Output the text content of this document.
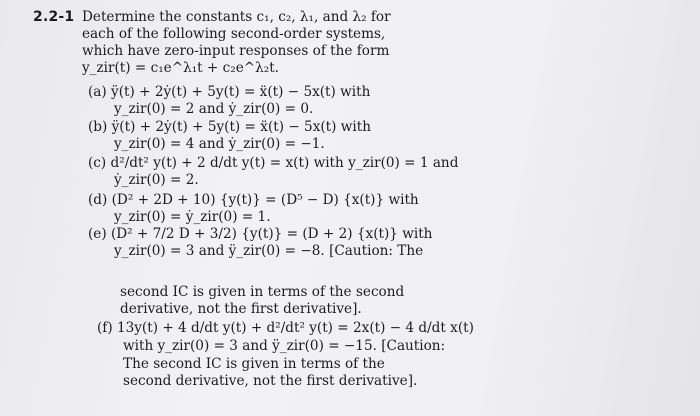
2.2-1 Determine the constants c₁, c₂, λ₁, and λ₂ for
each of the following second-order systems,
which have zero-input responses of the form
y_zir(t) = c₁e^λ₁t + c₂e^λ₂t.
(a) ÿ(t) + 2ẏ(t) + 5y(t) = ẍ(t) − 5x(t) with
y_zir(0) = 2 and ẏ_zir(0) = 0.
(b) ÿ(t) + 2ẏ(t) + 5y(t) = ẍ(t) − 5x(t) with
y_zir(0) = 4 and ẏ_zir(0) = −1.
(c) d²/dt² y(t) + 2 d/dt y(t) = x(t) with y_zir(0) = 1 and
ẏ_zir(0) = 2.
(d) (D² + 2D + 10) {y(t)} = (D⁵ − D) {x(t)} with
y_zir(0) = ẏ_zir(0) = 1.
(e) (D² + 7/2 D + 3/2) {y(t)} = (D + 2) {x(t)} with
y_zir(0) = 3 and ÿ_zir(0) = −8. [Caution: The
second IC is given in terms of the second
derivative, not the first derivative].
(f) 13y(t) + 4 d/dt y(t) + d²/dt² y(t) = 2x(t) − 4 d/dt x(t)
with y_zir(0) = 3 and ÿ_zir(0) = −15. [Caution:
The second IC is given in terms of the
second derivative, not the first derivative].
